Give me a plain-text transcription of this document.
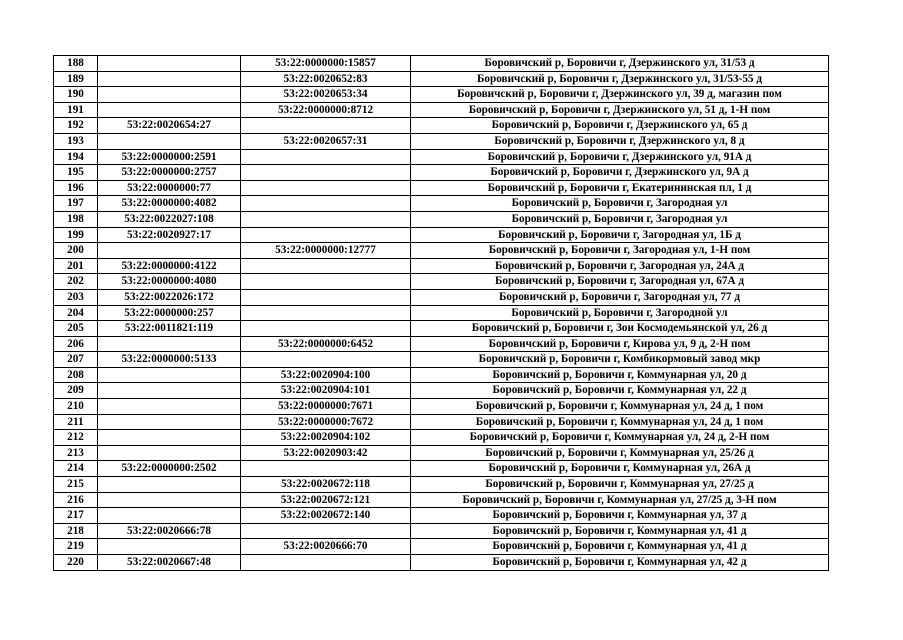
188		53:22:0000000:15857	Боровичский р, Боровичи г, Дзержинского ул, 31/53 д
189		53:22:0020652:83	Боровичский р, Боровичи г, Дзержинского ул, 31/53-55 д
190		53:22:0020653:34	Боровичский р, Боровичи г, Дзержинского ул, 39 д, магазин пом
191		53:22:0000000:8712	Боровичский р, Боровичи г, Дзержинского ул, 51 д, 1-Н пом
192	53:22:0020654:27		Боровичский р, Боровичи г, Дзержинского ул, 65 д
193		53:22:0020657:31	Боровичский р, Боровичи г, Дзержинского ул, 8 д
194	53:22:0000000:2591		Боровичский р, Боровичи г, Дзержинского ул, 91А д
195	53:22:0000000:2757		Боровичский р, Боровичи г, Дзержинского ул, 9А д
196	53:22:0000000:77		Боровичский р, Боровичи г, Екатерининская пл, 1 д
197	53:22:0000000:4082		Боровичский р, Боровичи г, Загородная ул
198	53:22:0022027:108		Боровичский р, Боровичи г, Загородная ул
199	53:22:0020927:17		Боровичский р, Боровичи г, Загородная ул, 1Б д
200		53:22:0000000:12777	Боровичский р, Боровичи г, Загородная ул, 1-Н пом
201	53:22:0000000:4122		Боровичский р, Боровичи г, Загородная ул, 24А д
202	53:22:0000000:4080		Боровичский р, Боровичи г, Загородная ул, 67А д
203	53:22:0022026:172		Боровичский р, Боровичи г, Загородная ул, 77 д
204	53:22:0000000:257		Боровичский р, Боровичи г, Загородной ул
205	53:22:0011821:119		Боровичский р, Боровичи г, Зои Космодемьянской ул, 26 д
206		53:22:0000000:6452	Боровичский р, Боровичи г, Кирова ул, 9 д, 2-Н пом
207	53:22:0000000:5133		Боровичский р, Боровичи г, Комбикормовый завод мкр
208		53:22:0020904:100	Боровичский р, Боровичи г, Коммунарная ул, 20 д
209		53:22:0020904:101	Боровичский р, Боровичи г, Коммунарная ул, 22 д
210		53:22:0000000:7671	Боровичский р, Боровичи г, Коммунарная ул, 24 д, 1 пом
211		53:22:0000000:7672	Боровичский р, Боровичи г, Коммунарная ул, 24 д, 1 пом
212		53:22:0020904:102	Боровичский р, Боровичи г, Коммунарная ул, 24 д, 2-Н пом
213		53:22:0020903:42	Боровичский р, Боровичи г, Коммунарная ул, 25/26 д
214	53:22:0000000:2502		Боровичский р, Боровичи г, Коммунарная ул, 26А д
215		53:22:0020672:118	Боровичский р, Боровичи г, Коммунарная ул, 27/25 д
216		53:22:0020672:121	Боровичский р, Боровичи г, Коммунарная ул, 27/25 д, 3-Н пом
217		53:22:0020672:140	Боровичский р, Боровичи г, Коммунарная ул, 37 д
218	53:22:0020666:78		Боровичский р, Боровичи г, Коммунарная ул, 41 д
219		53:22:0020666:70	Боровичский р, Боровичи г, Коммунарная ул, 41 д
220	53:22:0020667:48		Боровичский р, Боровичи г, Коммунарная ул, 42 д
